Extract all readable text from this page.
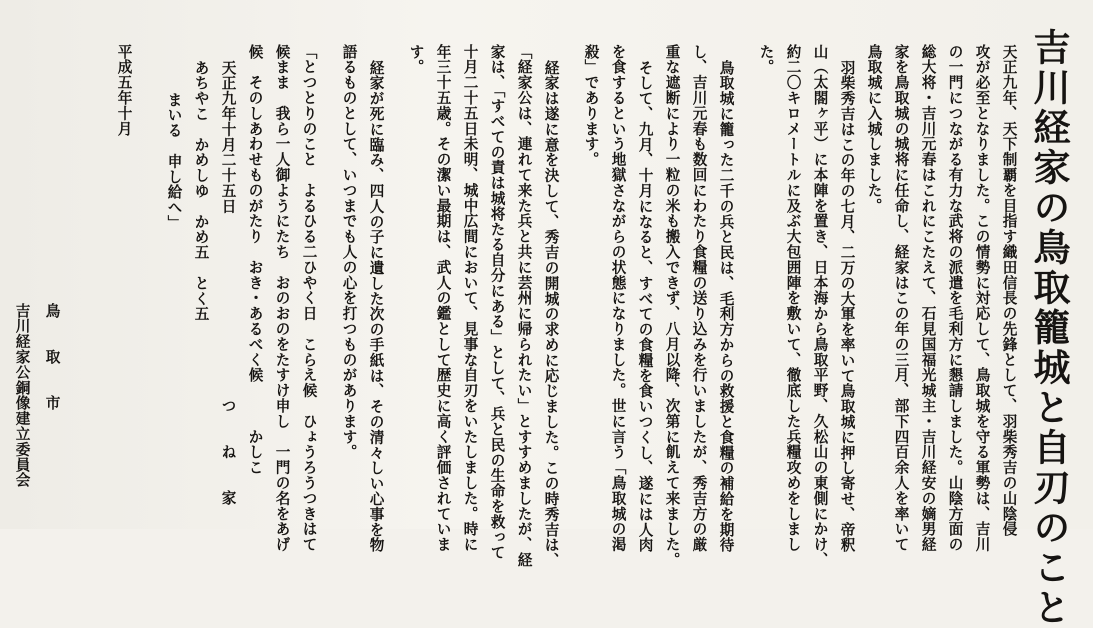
吉川経家の鳥取籠城と自刃のこと
天正九年、天下制覇を目指す織田信長の先鋒として、羽柴秀吉の山陰侵
攻が必至となりました。この情勢に対応して、鳥取城を守る軍勢は、吉川
の一門につながる有力な武将の派遣を毛利方に懇請しました。山陰方面の
総大将・吉川元春はこれにこたえて、石見国福光城主・吉川経安の嫡男経
家を鳥取城の城将に任命し、経家はこの年の三月、部下四百余人を率いて
鳥取城に入城しました。
羽柴秀吉はこの年の七月、二万の大軍を率いて鳥取城に押し寄せ、帝釈
山（太閤ヶ平）に本陣を置き、日本海から鳥取平野、久松山の東側にかけ、
約二〇キロメートルに及ぶ大包囲陣を敷いて、徹底した兵糧攻めをしまし
た。
鳥取城に籠った二千の兵と民は、毛利方からの救援と食糧の補給を期待
し、吉川元春も数回にわたり食糧の送り込みを行いましたが、秀吉方の厳
重な遮断により一粒の米も搬入できず、八月以降、次第に飢えて来ました。
そして、九月、十月になると、すべての食糧を食いつくし、遂には人肉
を食するという地獄さながらの状態になりました。世に言う「鳥取城の渇
殺」であります。
経家は遂に意を決して、秀吉の開城の求めに応じました。この時秀吉は、
「経家公は、連れて来た兵と共に芸州に帰られたい」とすすめましたが、経
家は、「すべての責は城将たる自分にある」として、兵と民の生命を救って
十月二十五日未明、城中広間において、見事な自刃をいたしました。時に
年三十五歳。その潔い最期は、武人の鑑として歴史に高く評価されていま
す。
経家が死に臨み、四人の子に遺した次の手紙は、その清々しい心事を物
語るものとして、いつまでも人の心を打つものがあります。
「とつとりのこと　よるひる二ひやく日　こらえ候　ひょうろうつきはて
候まま　我ら一人御ようにたち　おのおのをたすけ申し　一門の名をあげ
候　そのしあわせものがたり　おき・あるべく候　　　かしこ
天正九年十月二十五日
つ　　ね　　家
あちやこ　かめしゆ　かめ五　とく五
まいる　申し給へ」
平成五年十月
鳥　　取　　市
吉川経家公銅像建立委員会
